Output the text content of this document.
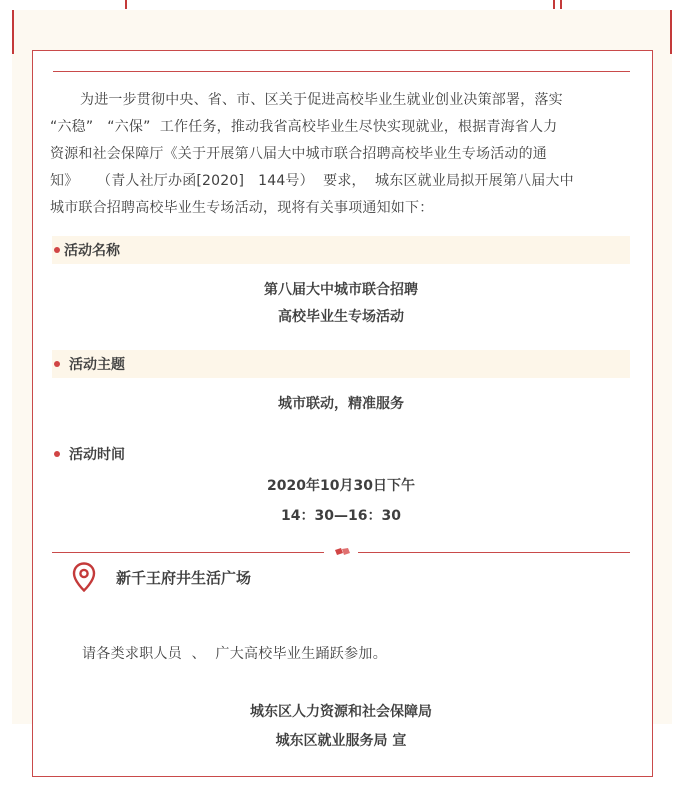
为进一步贯彻中央、省、市、区关于促进高校毕业生就业创业决策部署，落实
“六稳”   “六保”  工作任务，推动我省高校毕业生尽快实现就业，根据青海省人力
资源和社会保障厅《关于开展第八届大中城市联合招聘高校毕业生专场活动的通
知》    （青人社厅办函[2020]   144号）  要求，  城东区就业局拟开展第八届大中
城市联合招聘高校毕业生专场活动，现将有关事项通知如下：
活动名称
第八届大中城市联合招聘
高校毕业生专场活动
活动主题
城市联动，精准服务
活动时间
2020年10月30日下午
14：30—16：30
新千王府井生活广场
请各类求职人员  、  广大高校毕业生踊跃参加。
城东区人力资源和社会保障局
城东区就业服务局 宣
